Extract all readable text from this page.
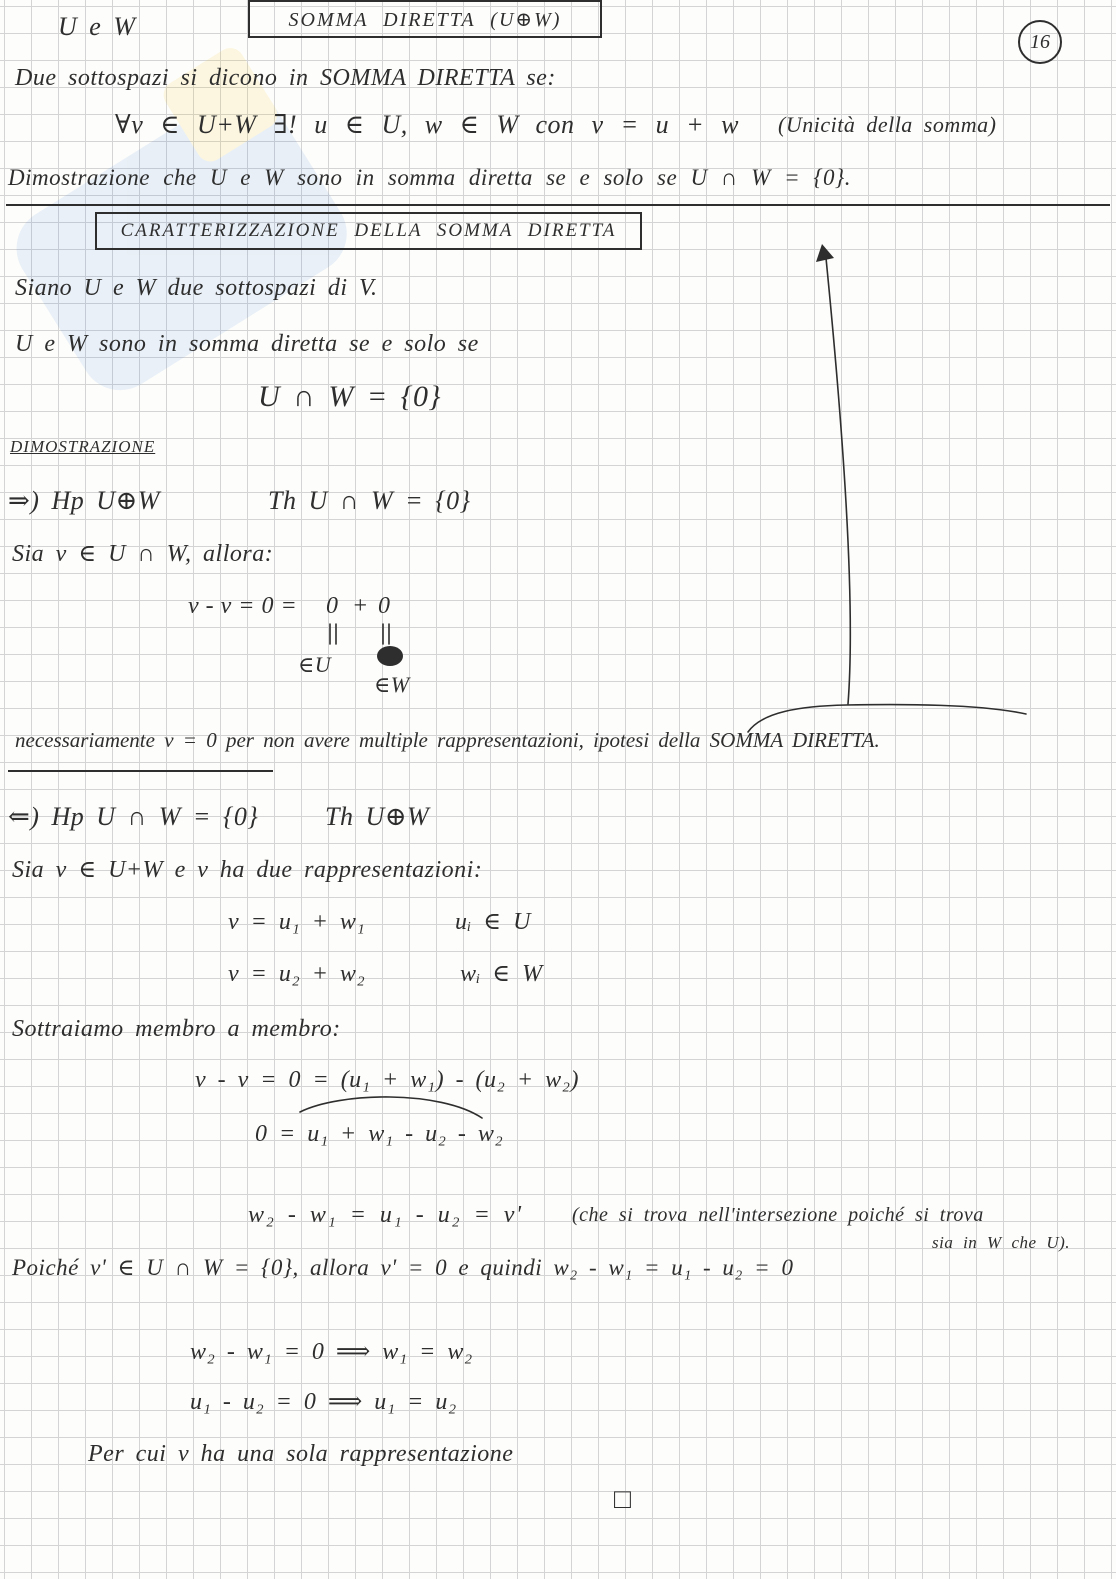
U e W	SOMMA DIRETTA (U⊕W)
16
Due sottospazi si dicono in SOMMA DIRETTA se:
∀v ∈ U+W ∃! u ∈ U, w ∈ W con v = u + w (Unicità della somma)
Dimostrazione che U e W sono in somma diretta se e solo se U ∩ W = {0}.
CARATTERIZZAZIONE DELLA SOMMA DIRETTA
Siano U e W due sottospazi di V.
U e W sono in somma diretta se e solo se
U ∩ W = {0}
DIMOSTRAZIONE
⇒) Hp U⊕W	Th U ∩ W = {0}
Sia v ∈ U ∩ W, allora:
v - v = 0 = 0 + 0
∈U
∈W
necessariamente v = 0 per non avere multiple rappresentazioni, ipotesi della SOMMA DIRETTA.
⇐) Hp U ∩ W = {0}	Th U⊕W
Sia v ∈ U+W e v ha due rappresentazioni:
v = u₁ + w₁	uᵢ ∈ U
v = u₂ + w₂	wᵢ ∈ W
Sottraiamo membro a membro:
v - v = 0 = (u₁ + w₁) - (u₂ + w₂)
0 = u₁ + w₁ - u₂ - w₂
w₂ - w₁ = u₁ - u₂ = v' (che si trova nell'intersezione poiché si trova
sia in W che U).
Poiché v' ∈ U ∩ W = {0}, allora v' = 0 e quindi w₂ - w₁ = u₁ - u₂ = 0
w₂ - w₁ = 0 ⟹ w₁ = w₂
u₁ - u₂ = 0 ⟹ u₁ = u₂
Per cui v ha una sola rappresentazione
□
